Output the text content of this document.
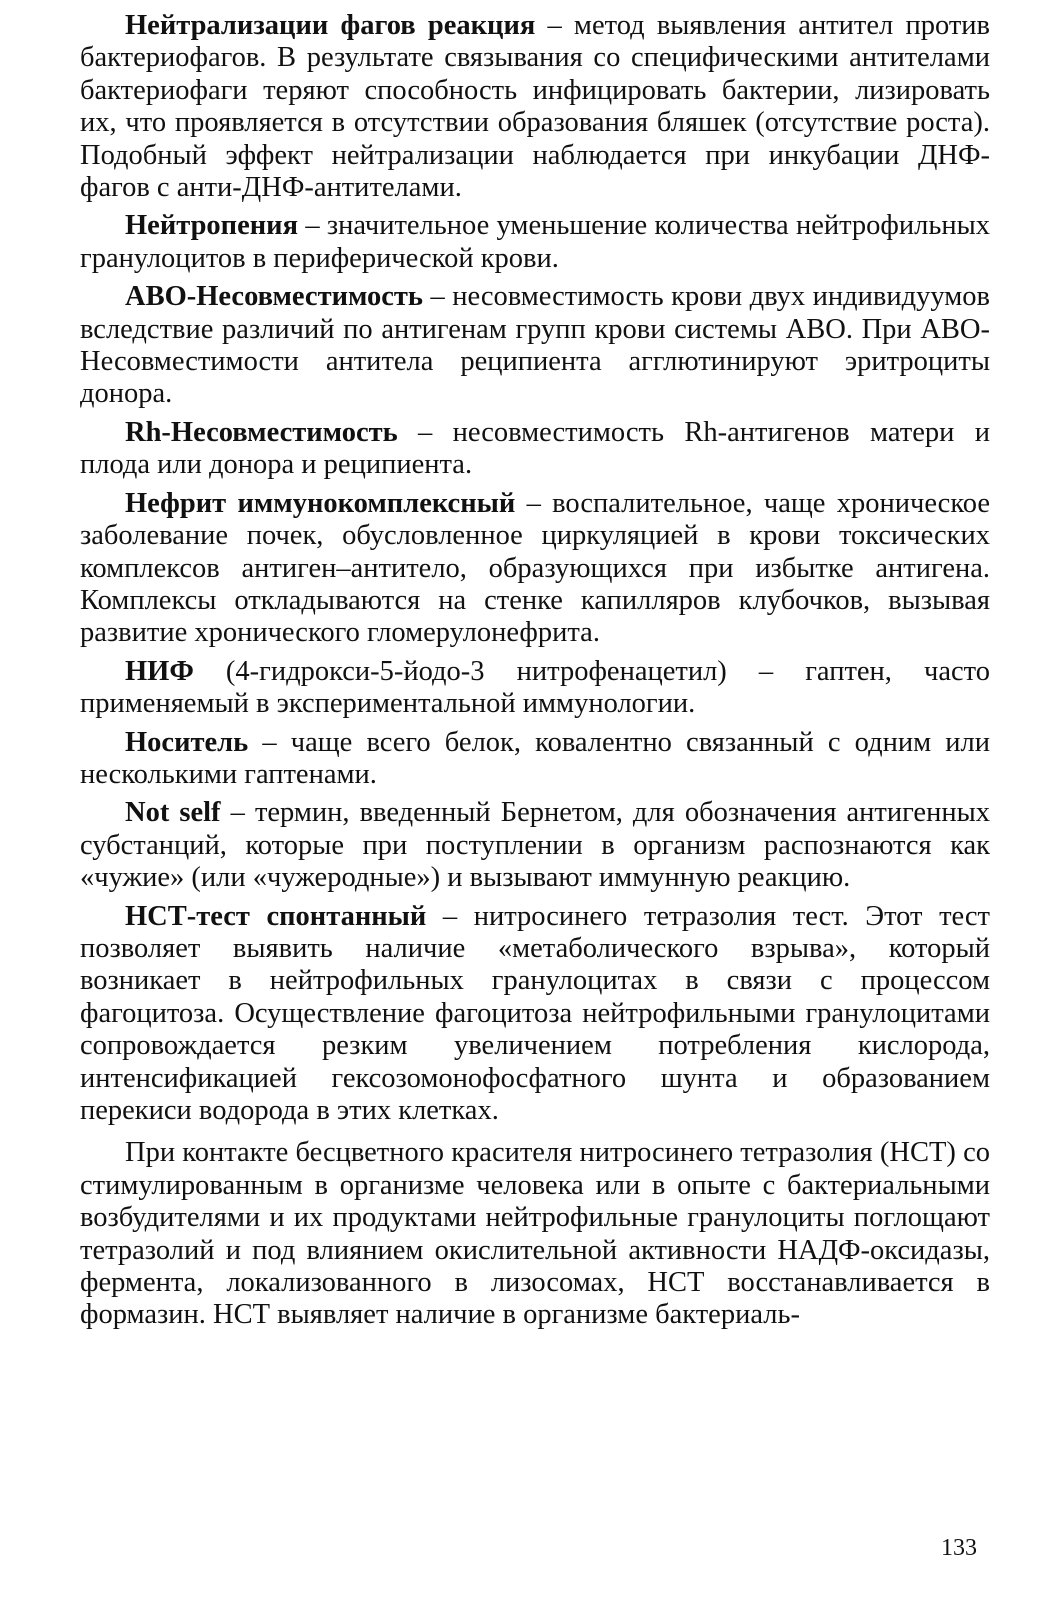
Нейтрализации фагов реакция – метод выявления антител против бактериофагов. В результате связывания со специфическими антителами бактериофаги теряют способность инфицировать бактерии, лизировать их, что проявляется в отсутствии образования бляшек (отсутствие роста). Подобный эффект нейтрализации наблюдается при инкубации ДНФ-фагов с анти-ДНФ-антителами.

Нейтропения – значительное уменьшение количества нейтрофильных гранулоцитов в периферической крови.

АВО-Несовместимость – несовместимость крови двух индивидуумов вследствие различий по антигенам групп крови системы АВО. При АВО-Несовместимости антитела реципиента агглютинируют эритроциты донора.

Rh-Несовместимость – несовместимость Rh-антигенов матери и плода или донора и реципиента.

Нефрит иммунокомплексный – воспалительное, чаще хроническое заболевание почек, обусловленное циркуляцией в крови токсических комплексов антиген–антитело, образующихся при избытке антигена. Комплексы откладываются на стенке капилляров клубочков, вызывая развитие хронического гломерулонефрита.

НИФ (4-гидрокси-5-йодо-3 нитрофенацетил) – гаптен, часто применяемый в экспериментальной иммунологии.

Носитель – чаще всего белок, ковалентно связанный с одним или несколькими гаптенами.

Not self – термин, введенный Бернетом, для обозначения антигенных субстанций, которые при поступлении в организм распознаются как «чужие» (или «чужеродные») и вызывают иммунную реакцию.

НСТ-тест спонтанный – нитросинего тетразолия тест. Этот тест позволяет выявить наличие «метаболического взрыва», который возникает в нейтрофильных гранулоцитах в связи с процессом фагоцитоза. Осуществление фагоцитоза нейтрофильными гранулоцитами сопровождается резким увеличением потребления кислорода, интенсификацией гексозомонофосфатного шунта и образованием перекиси водорода в этих клетках.

При контакте бесцветного красителя нитросинего тетразолия (НСТ) со стимулированным в организме человека или в опыте с бактериальными возбудителями и их продуктами нейтрофильные гранулоциты поглощают тетразолий и под влиянием окислительной активности НАДФ-оксидазы, фермента, локализованного в лизосомах, НСТ восстанавливается в формазин. НСТ выявляет наличие в организме бактериаль-

133
